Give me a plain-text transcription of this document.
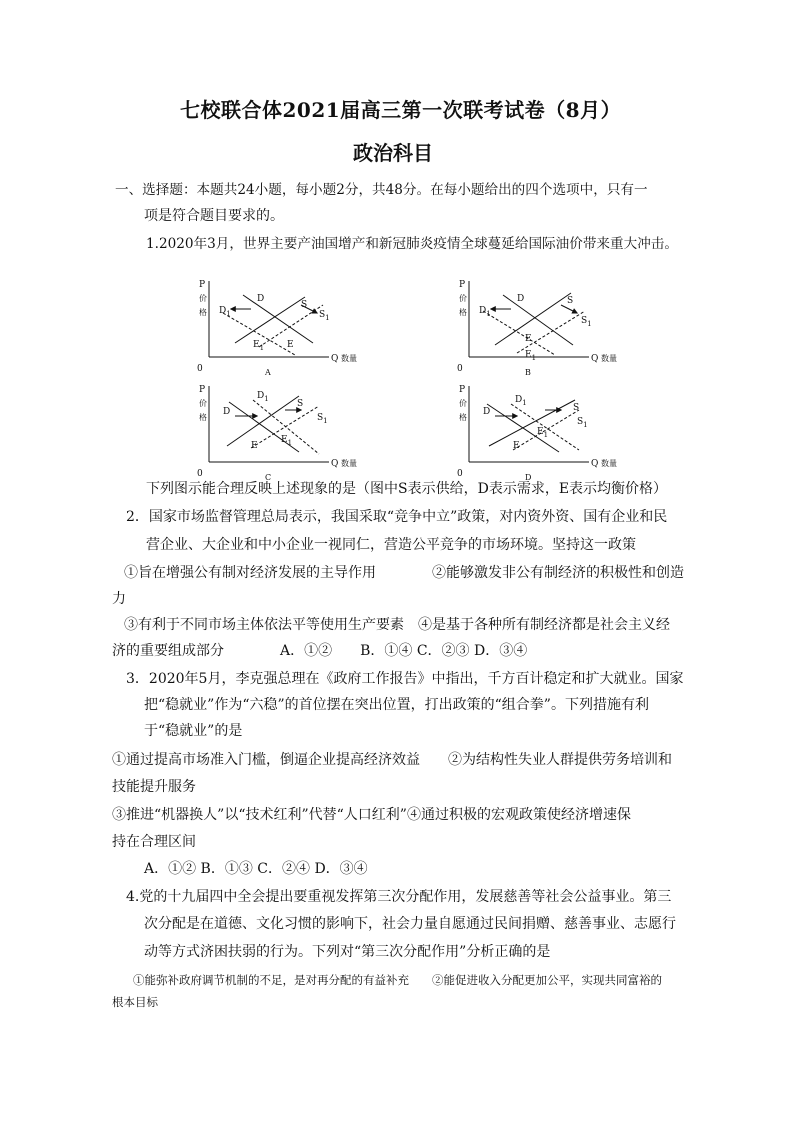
七校联合体2021届高三第一次联考试卷（8月）
政治科目
一、选择题：本题共24小题，每小题2分，共48分。在每小题给出的四个选项中，只有一
项是符合题目要求的。
1.2020年3月，世界主要产油国增产和新冠肺炎疫情全球蔓延给国际油价带来重大冲击。
P
价
格
0
Q 数量
A
D
$D_1$
S
$S_1$
E
$E_1$
P
价
格
0
Q 数量
B
D
$D_1$
S
$S_1$
E
$E_1$
P
价
格
0
Q 数量
C
D
$D_1$	S
$S_1$
E
$E_1$
P
价
格
0
Q 数量
D
D
$D_1$	S
$S_1$
E
$E_1$
下列图示能合理反映上述现象的是（图中S表示供给，D表示需求，E表示均衡价格）
2．国家市场监督管理总局表示，我国采取“竞争中立”政策，对内资外资、国有企业和民
营企业、大企业和中小企业一视同仁，营造公平竞争的市场环境。坚持这一政策
①旨在增强公有制对经济发展的主导作用　　　　②能够激发非公有制经济的积极性和创造
力
③有利于不同市场主体依法平等使用生产要素　④是基于各种所有制经济都是社会主义经
济的重要组成部分　　　　A．①②　　B．①④ C．②③ D．③④
3．2020年5月，李克强总理在《政府工作报告》中指出，千方百计稳定和扩大就业。国家
把“稳就业”作为“六稳”的首位摆在突出位置，打出政策的“组合拳”。下列措施有利
于“稳就业”的是
①通过提高市场准入门槛，倒逼企业提高经济效益　　②为结构性失业人群提供劳务培训和
技能提升服务
③推进“机器换人”以“技术红利”代替“人口红利”④通过积极的宏观政策使经济增速保
持在合理区间
A．①② B．①③ C．②④ D．③④
4.党的十九届四中全会提出要重视发挥第三次分配作用，发展慈善等社会公益事业。第三
次分配是在道德、文化习惯的影响下，社会力量自愿通过民间捐赠、慈善事业、志愿行
动等方式济困扶弱的行为。下列对“第三次分配作用”分析正确的是
①能弥补政府调节机制的不足，是对再分配的有益补充　　②能促进收入分配更加公平，实现共同富裕的
根本目标
